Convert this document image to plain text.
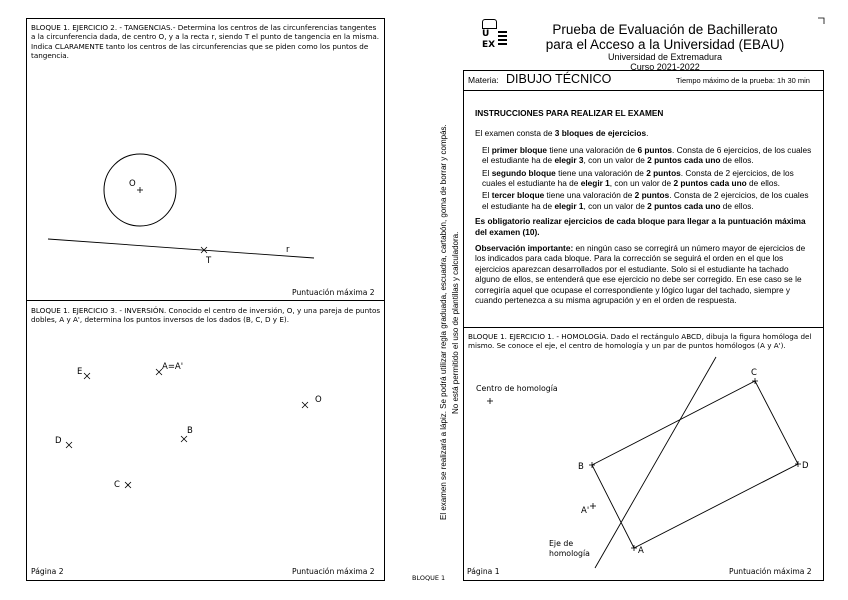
BLOQUE 1. EJERCICIO 2. - TANGENCIAS.- Determina los centros de las circunferencias tangentes a la circunferencia dada, de centro O, y a la recta r, siendo T el punto de tangencia en la misma. Indica CLARAMENTE tanto los centros de las circunferencias que se piden como los puntos de tangencia.
Puntuación máxima 2
BLOQUE 1. EJERCICIO 3. - INVERSIÓN. Conocido el centro de inversión, O, y una pareja de puntos dobles, A y A', determina los puntos inversos de los dados (B, C, D y E).
Página 2	Puntuación máxima 2
O
T
r
E	A=A'
O
B
D
C	El examen se realizará a lápiz. Se podrá utilizar regla graduada, escuadra, cartabón, goma de borrar y compás. No está permitido el uso de plantillas y calculadora.
BLOQUE 1
U EX
Prueba de Evaluación de Bachillerato
para el Acceso a la Universidad (EBAU)
Universidad de Extremadura
Curso 2021-2022
Materia: DIBUJO TÉCNICO	Tiempo máximo de la prueba: 1h 30 min

INSTRUCCIONES PARA REALIZAR EL EXAMEN

El examen consta de 3 bloques de ejercicios.

El primer bloque tiene una valoración de 6 puntos. Consta de 6 ejercicios, de los cuales el estudiante ha de elegir 3, con un valor de 2 puntos cada uno de ellos.

El segundo bloque tiene una valoración de 2 puntos. Consta de 2 ejercicios, de los cuales el estudiante ha de elegir 1, con un valor de 2 puntos cada uno de ellos.

El tercer bloque tiene una valoración de 2 puntos. Consta de 2 ejercicios, de los cuales el estudiante ha de elegir 1, con un valor de 2 puntos cada uno de ellos.

Es obligatorio realizar ejercicios de cada bloque para llegar a la puntuación máxima del examen (10).

Observación importante: en ningún caso se corregirá un número mayor de ejercicios de los indicados para cada bloque. Para la corrección se seguirá el orden en el que los ejercicios aparezcan desarrollados por el estudiante. Solo si el estudiante ha tachado alguno de ellos, se entenderá que ese ejercicio no debe ser corregido. En ese caso se le corregiría aquel que ocupase el correspondiente y lógico lugar del tachado, siempre y cuando pertenezca a su misma agrupación y en el orden de respuesta.

BLOQUE 1. EJERCICIO 1. - HOMOLOGÍA. Dado el rectángulo ABCD, dibuja la figura homóloga del mismo. Se conoce el eje, el centro de homología y un par de puntos homólogos (A y A').
Centro de homología
Eje de
homología	A
B
C
D
A'
Página 1	Puntuación máxima 2
